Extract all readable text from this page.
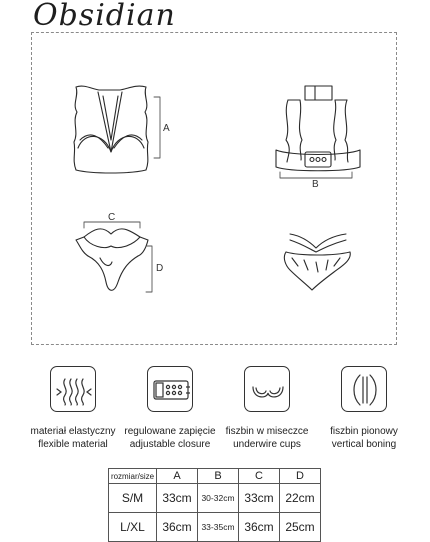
Obsidian
A
B
C
D
materiał elastyczny
flexible material
regulowane zapięcie
adjustable closure
fiszbin w miseczce
underwire cups
fiszbin pionowy
vertical boning
rozmiar/size	A	B	C	D
S/M	33cm	30-32cm	33cm	22cm
L/XL	36cm	33-35cm	36cm	25cm
